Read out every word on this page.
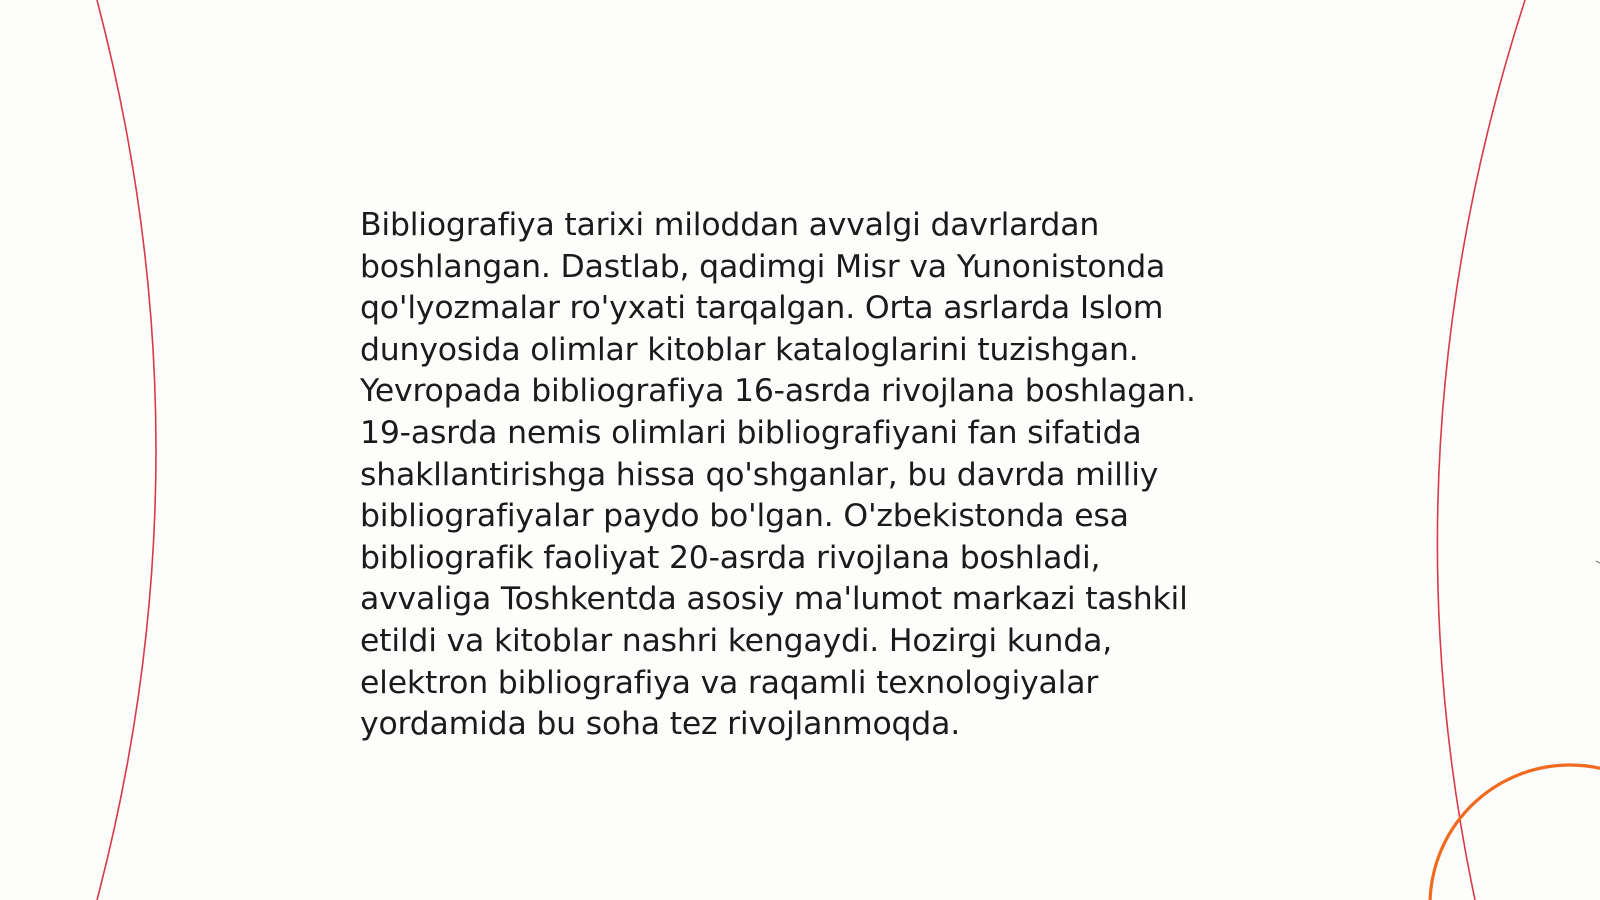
Bibliografiya tarixi miloddan avvalgi davrlardan
boshlangan. Dastlab, qadimgi Misr va Yunonistonda
qo'lyozmalar ro'yxati tarqalgan. Orta asrlarda Islom
dunyosida olimlar kitoblar kataloglarini tuzishgan.
Yevropada bibliografiya 16-asrda rivojlana boshlagan.
19-asrda nemis olimlari bibliografiyani fan sifatida
shakllantirishga hissa qo'shganlar, bu davrda milliy
bibliografiyalar paydo bo'lgan. O'zbekistonda esa
bibliografik faoliyat 20-asrda rivojlana boshladi,
avvaliga Toshkentda asosiy ma'lumot markazi tashkil
etildi va kitoblar nashri kengaydi. Hozirgi kunda,
elektron bibliografiya va raqamli texnologiyalar
yordamida bu soha tez rivojlanmoqda.
